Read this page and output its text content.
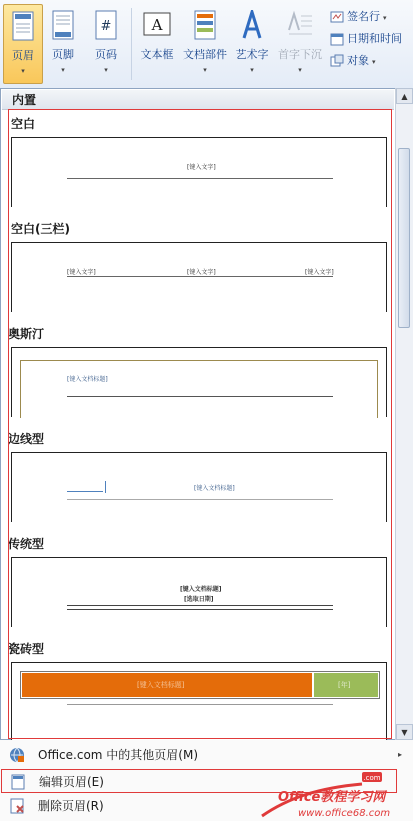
页眉
▾
页脚
▾
#
页码
▾
A
文本框 文档部件
▾
艺术字
▾
首字下沉
▾
签名行 ▾
日期和时间
对象 ▾
内置
空白
[键入文字]
空白(三栏)
[键入文字]	[键入文字]	[键入文字]
奥斯汀
[键入文档标题]
边线型
[键入文档标题]
传统型
[键入文档标题]
[选取日期]
瓷砖型
[键入文档标题]	[年]
▲
▼
Office.com 中的其他页眉(M)	▸
编辑页眉(E)
删除页眉(R)
.com
Office教程学习网
www.office68.com
